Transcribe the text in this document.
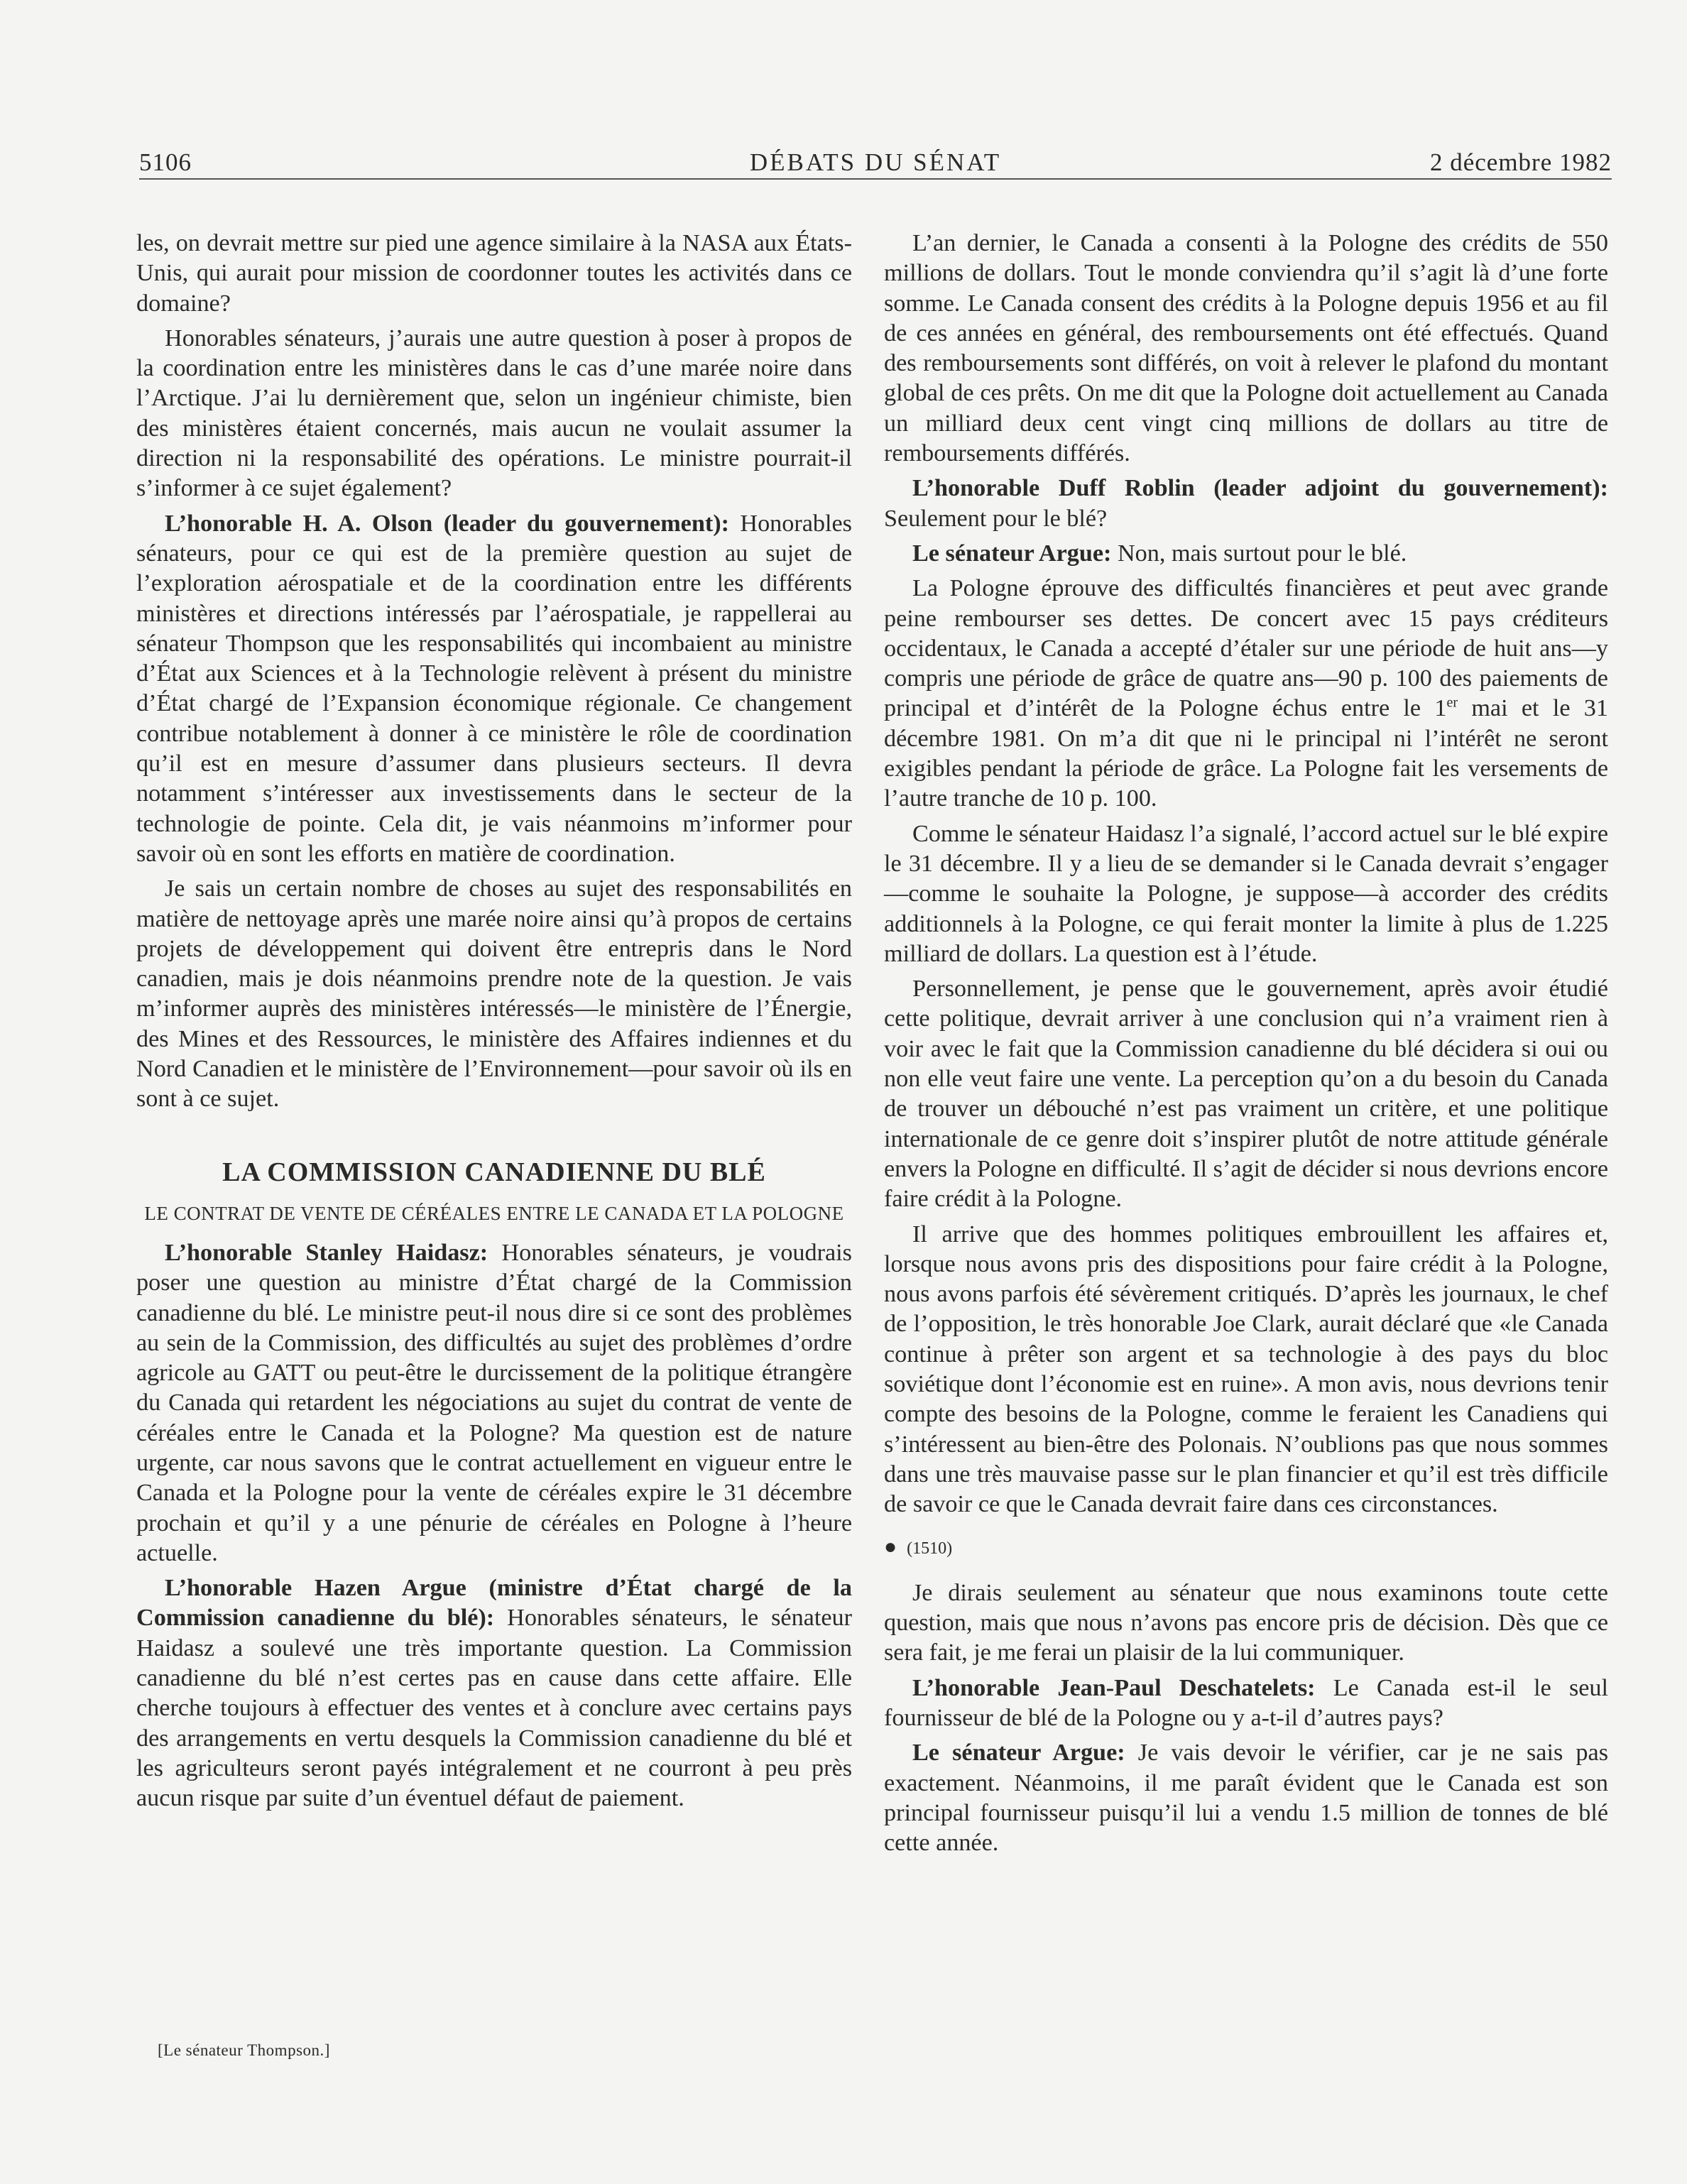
5106	DÉBATS DU SÉNAT	2 décembre 1982

les, on devrait mettre sur pied une agence similaire à la NASA aux États-Unis, qui aurait pour mission de coordonner toutes les activités dans ce domaine?

Honorables sénateurs, j’aurais une autre question à poser à propos de la coordination entre les ministères dans le cas d’une marée noire dans l’Arctique. J’ai lu dernièrement que, selon un ingénieur chimiste, bien des ministères étaient concernés, mais aucun ne voulait assumer la direction ni la responsabilité des opérations. Le ministre pourrait-il s’informer à ce sujet également?

L’honorable H. A. Olson (leader du gouvernement): Honorables sénateurs, pour ce qui est de la première question au sujet de l’exploration aérospatiale et de la coordination entre les différents ministères et directions intéressés par l’aérospatiale, je rappellerai au sénateur Thompson que les responsabilités qui incombaient au ministre d’État aux Sciences et à la Technologie relèvent à présent du ministre d’État chargé de l’Expansion économique régionale. Ce changement contribue notablement à donner à ce ministère le rôle de coordination qu’il est en mesure d’assumer dans plusieurs secteurs. Il devra notamment s’intéresser aux investissements dans le secteur de la technologie de pointe. Cela dit, je vais néanmoins m’informer pour savoir où en sont les efforts en matière de coordination.

Je sais un certain nombre de choses au sujet des responsabilités en matière de nettoyage après une marée noire ainsi qu’à propos de certains projets de développement qui doivent être entrepris dans le Nord canadien, mais je dois néanmoins prendre note de la question. Je vais m’informer auprès des ministères intéressés—le ministère de l’Énergie, des Mines et des Ressources, le ministère des Affaires indiennes et du Nord Canadien et le ministère de l’Environnement—pour savoir où ils en sont à ce sujet.

LA COMMISSION CANADIENNE DU BLÉ
LE CONTRAT DE VENTE DE CÉRÉALES ENTRE LE CANADA ET LA POLOGNE

L’honorable Stanley Haidasz: Honorables sénateurs, je voudrais poser une question au ministre d’État chargé de la Commission canadienne du blé. Le ministre peut-il nous dire si ce sont des problèmes au sein de la Commission, des difficultés au sujet des problèmes d’ordre agricole au GATT ou peut-être le durcissement de la politique étrangère du Canada qui retardent les négociations au sujet du contrat de vente de céréales entre le Canada et la Pologne? Ma question est de nature urgente, car nous savons que le contrat actuellement en vigueur entre le Canada et la Pologne pour la vente de céréales expire le 31 décembre prochain et qu’il y a une pénurie de céréales en Pologne à l’heure actuelle.

L’honorable Hazen Argue (ministre d’État chargé de la Commission canadienne du blé): Honorables sénateurs, le sénateur Haidasz a soulevé une très importante question. La Commission canadienne du blé n’est certes pas en cause dans cette affaire. Elle cherche toujours à effectuer des ventes et à conclure avec certains pays des arrangements en vertu desquels la Commission canadienne du blé et les agriculteurs seront payés intégralement et ne courront à peu près aucun risque par suite d’un éventuel défaut de paiement.

L’an dernier, le Canada a consenti à la Pologne des crédits de 550 millions de dollars. Tout le monde conviendra qu’il s’agit là d’une forte somme. Le Canada consent des crédits à la Pologne depuis 1956 et au fil de ces années en général, des remboursements ont été effectués. Quand des remboursements sont différés, on voit à relever le plafond du montant global de ces prêts. On me dit que la Pologne doit actuellement au Canada un milliard deux cent vingt cinq millions de dollars au titre de remboursements différés.

L’honorable Duff Roblin (leader adjoint du gouvernement): Seulement pour le blé?

Le sénateur Argue: Non, mais surtout pour le blé.

La Pologne éprouve des difficultés financières et peut avec grande peine rembourser ses dettes. De concert avec 15 pays créditeurs occidentaux, le Canada a accepté d’étaler sur une période de huit ans—y compris une période de grâce de quatre ans—90 p. 100 des paiements de principal et d’intérêt de la Pologne échus entre le 1er mai et le 31 décembre 1981. On m’a dit que ni le principal ni l’intérêt ne seront exigibles pendant la période de grâce. La Pologne fait les versements de l’autre tranche de 10 p. 100.

Comme le sénateur Haidasz l’a signalé, l’accord actuel sur le blé expire le 31 décembre. Il y a lieu de se demander si le Canada devrait s’engager—comme le souhaite la Pologne, je suppose—à accorder des crédits additionnels à la Pologne, ce qui ferait monter la limite à plus de 1.225 milliard de dollars. La question est à l’étude.

Personnellement, je pense que le gouvernement, après avoir étudié cette politique, devrait arriver à une conclusion qui n’a vraiment rien à voir avec le fait que la Commission canadienne du blé décidera si oui ou non elle veut faire une vente. La perception qu’on a du besoin du Canada de trouver un débouché n’est pas vraiment un critère, et une politique internationale de ce genre doit s’inspirer plutôt de notre attitude générale envers la Pologne en difficulté. Il s’agit de décider si nous devrions encore faire crédit à la Pologne.

Il arrive que des hommes politiques embrouillent les affaires et, lorsque nous avons pris des dispositions pour faire crédit à la Pologne, nous avons parfois été sévèrement critiqués. D’après les journaux, le chef de l’opposition, le très honorable Joe Clark, aurait déclaré que «le Canada continue à prêter son argent et sa technologie à des pays du bloc soviétique dont l’économie est en ruine». A mon avis, nous devrions tenir compte des besoins de la Pologne, comme le feraient les Canadiens qui s’intéressent au bien-être des Polonais. N’oublions pas que nous sommes dans une très mauvaise passe sur le plan financier et qu’il est très difficile de savoir ce que le Canada devrait faire dans ces circonstances.

● (1510)

Je dirais seulement au sénateur que nous examinons toute cette question, mais que nous n’avons pas encore pris de décision. Dès que ce sera fait, je me ferai un plaisir de la lui communiquer.

L’honorable Jean-Paul Deschatelets: Le Canada est-il le seul fournisseur de blé de la Pologne ou y a-t-il d’autres pays?

Le sénateur Argue: Je vais devoir le vérifier, car je ne sais pas exactement. Néanmoins, il me paraît évident que le Canada est son principal fournisseur puisqu’il lui a vendu 1.5 million de tonnes de blé cette année.

[Le sénateur Thompson.]
